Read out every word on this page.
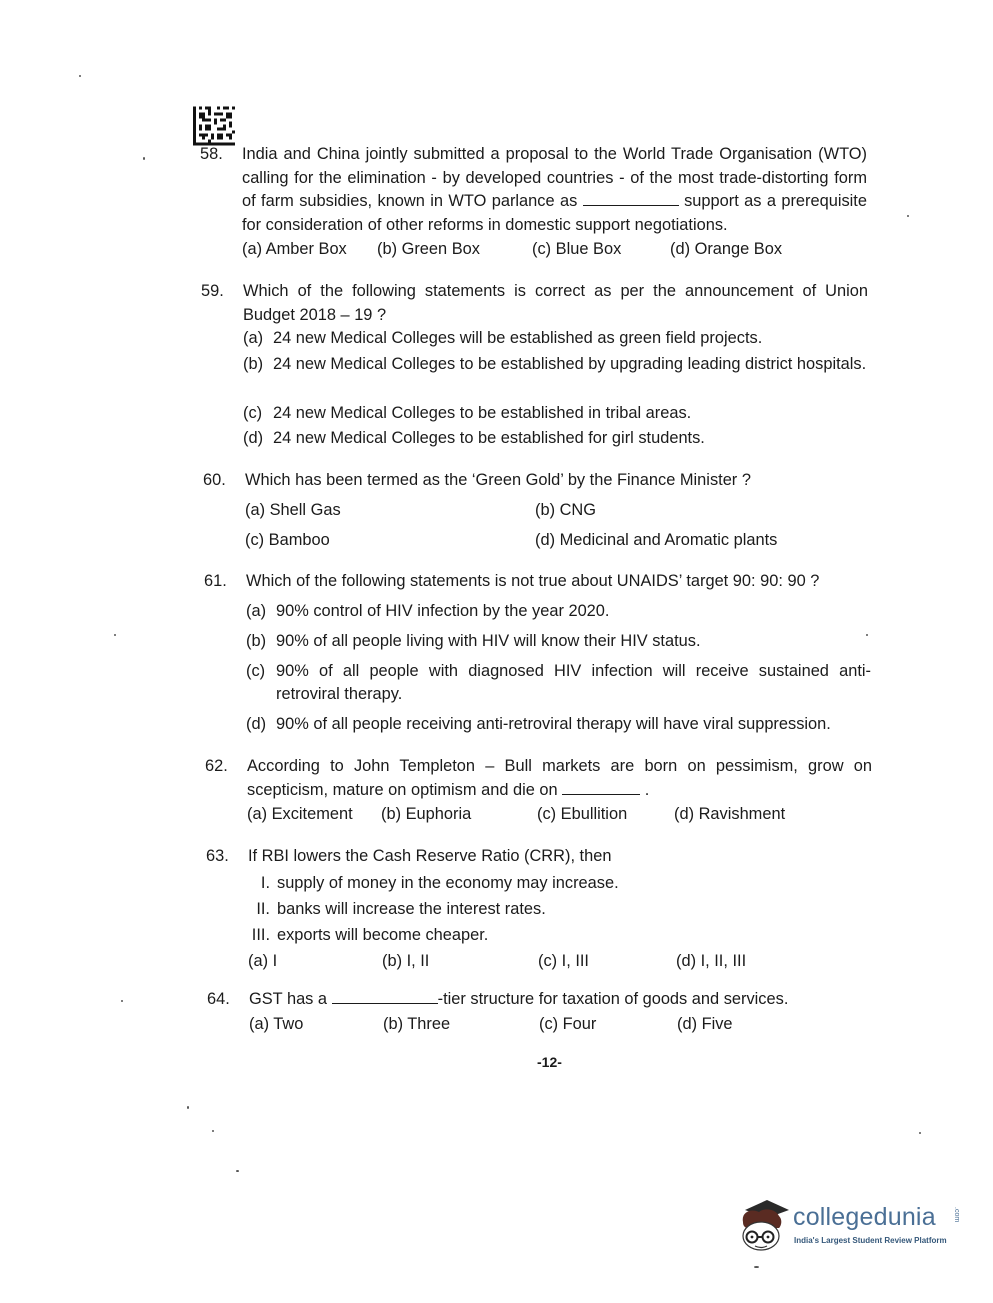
58.	India and China jointly submitted a proposal to the World Trade Organisation (WTO) calling for the elimination - by developed countries - of the most trade-distorting form of farm subsidies, known in WTO parlance as	support as a prerequisite for consideration of other reforms in domestic support negotiations.
(a) Amber Box	(b) Green Box	(c) Blue Box	(d) Orange Box
59.	Which of the following statements is correct as per the announcement of Union Budget 2018 – 19 ?
(a) 24 new Medical Colleges will be established as green field projects.
(b) 24 new Medical Colleges to be established by upgrading leading district hospitals.
(c) 24 new Medical Colleges to be established in tribal areas.
(d) 24 new Medical Colleges to be established for girl students.
60.	Which has been termed as the ‘Green Gold’ by the Finance Minister ?
(a) Shell Gas	(b) CNG
(c) Bamboo	(d) Medicinal and Aromatic plants
61.	Which of the following statements is not true about UNAIDS’ target 90: 90: 90 ?
(a) 90% control of HIV infection by the year 2020.
(b) 90% of all people living with HIV will know their HIV status.
(c) 90% of all people with diagnosed HIV infection will receive sustained anti-retroviral therapy.
(d) 90% of all people receiving anti-retroviral therapy will have viral suppression.
62.	According to John Templeton – Bull markets are born on pessimism, grow on scepticism, mature on optimism and die on	.
(a) Excitement	(b) Euphoria	(c) Ebullition	(d) Ravishment
63.	If RBI lowers the Cash Reserve Ratio (CRR), then
I. supply of money in the economy may increase.
II. banks will increase the interest rates.
III. exports will become cheaper.
(a) I	(b) I, II	(c) I, III	(d) I, II, III
64.	GST has a	-tier structure for taxation of goods and services.
(a) Two	(b) Three	(c) Four	(d) Five
-12-
collegedunia .com
India's Largest Student Review Platform
